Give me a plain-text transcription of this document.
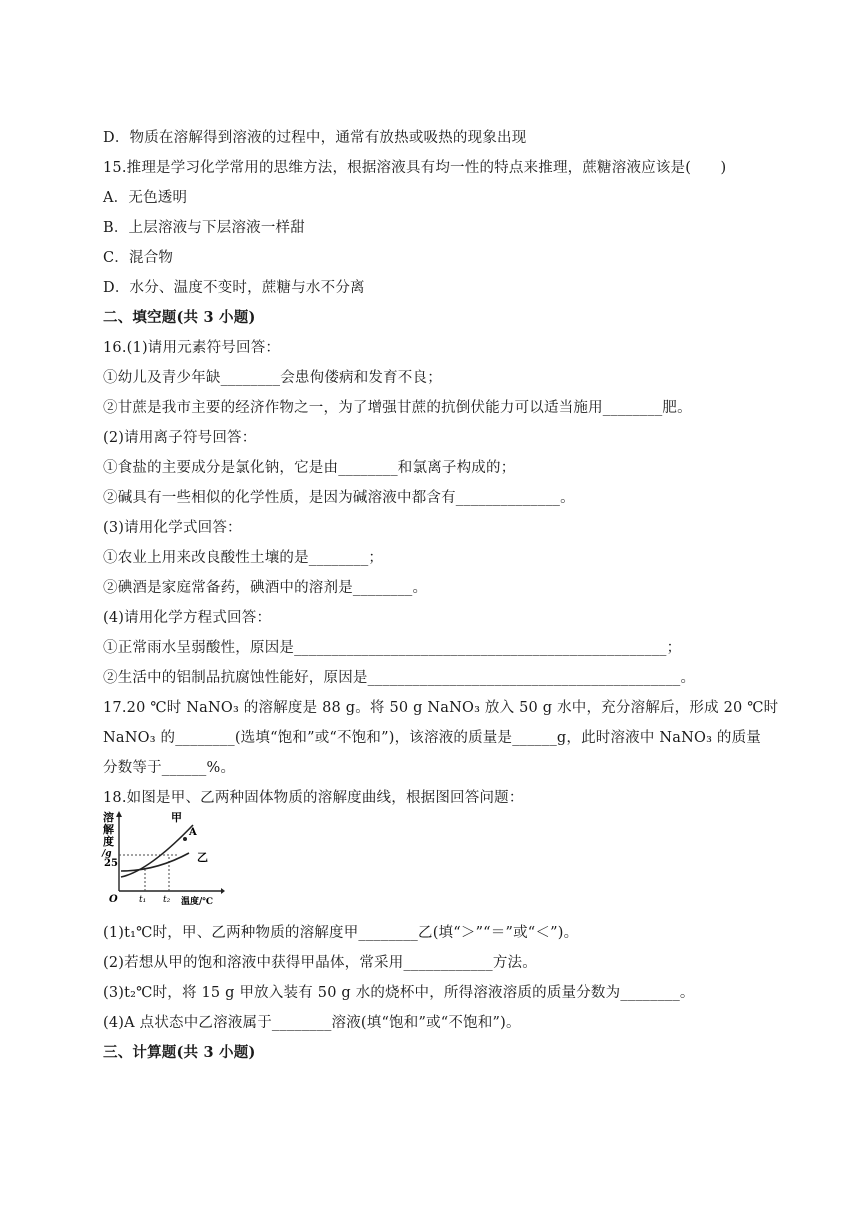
D．物质在溶解得到溶液的过程中，通常有放热或吸热的现象出现
15.推理是学习化学常用的思维方法，根据溶液具有均一性的特点来推理，蔗糖溶液应该是(　　)
A．无色透明
B．上层溶液与下层溶液一样甜
C．混合物
D．水分、温度不变时，蔗糖与水不分离
二、填空题(共 3 小题)
16.(1)请用元素符号回答：
①幼儿及青少年缺________会患佝偻病和发育不良；
②甘蔗是我市主要的经济作物之一，为了增强甘蔗的抗倒伏能力可以适当施用________肥。
(2)请用离子符号回答：
①食盐的主要成分是氯化钠，它是由________和氯离子构成的；
②碱具有一些相似的化学性质，是因为碱溶液中都含有______________。
(3)请用化学式回答：
①农业上用来改良酸性土壤的是________；
②碘酒是家庭常备药，碘酒中的溶剂是________。
(4)请用化学方程式回答：
①正常雨水呈弱酸性，原因是__________________________________________________；
②生活中的铝制品抗腐蚀性能好，原因是__________________________________________。
17.20 ℃时 NaNO₃ 的溶解度是 88 g。将 50 g NaNO₃ 放入 50 g 水中，充分溶解后，形成 20 ℃时
NaNO₃ 的________(选填“饱和”或“不饱和”)，该溶液的质量是______g，此时溶液中 NaNO₃ 的质量
分数等于______%。
18.如图是甲、乙两种固体物质的溶解度曲线，根据图回答问题：
溶
解
度
/g
25
O t₁ t₂ 温度/℃
甲
乙
A
(1)t₁℃时，甲、乙两种物质的溶解度甲________乙(填“＞”“＝”或“＜”)。
(2)若想从甲的饱和溶液中获得甲晶体，常采用____________方法。
(3)t₂℃时，将 15 g 甲放入装有 50 g 水的烧杯中，所得溶液溶质的质量分数为________。
(4)A 点状态中乙溶液属于________溶液(填“饱和”或“不饱和”)。
三、计算题(共 3 小题)
